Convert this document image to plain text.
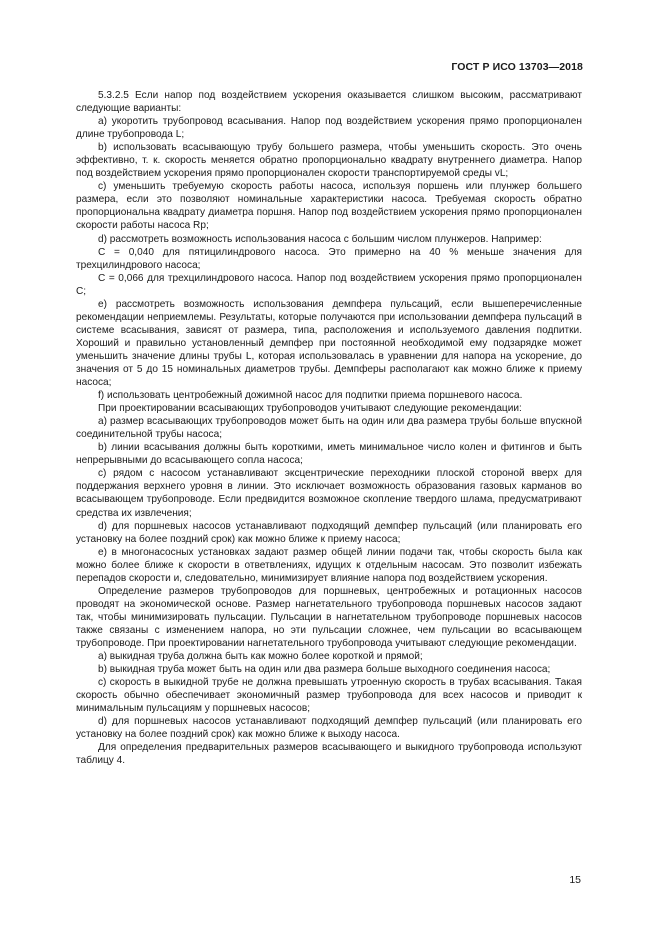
ГОСТ Р ИСО 13703—2018

5.3.2.5 Если напор под воздействием ускорения оказывается слишком высоким, рассматривают следующие варианты:

a) укоротить трубопровод всасывания. Напор под воздействием ускорения прямо пропорционален длине трубопровода L;

b) использовать всасывающую трубу большего размера, чтобы уменьшить скорость. Это очень эффективно, т. к. скорость меняется обратно пропорционально квадрату внутреннего диаметра. Напор под воздействием ускорения прямо пропорционален скорости транспортируемой среды vL;

c) уменьшить требуемую скорость работы насоса, используя поршень или плунжер большего размера, если это позволяют номинальные характеристики насоса. Требуемая скорость обратно пропорциональна квадрату диаметра поршня. Напор под воздействием ускорения прямо пропорционален скорости работы насоса Rp;

d) рассмотреть возможность использования насоса с большим числом плунжеров. Например:

C = 0,040 для пятицилиндрового насоса. Это примерно на 40 % меньше значения для трехцилиндрового насоса;

C = 0,066 для трехцилиндрового насоса. Напор под воздействием ускорения прямо пропорционален C;

e) рассмотреть возможность использования демпфера пульсаций, если вышеперечисленные рекомендации неприемлемы. Результаты, которые получаются при использовании демпфера пульсаций в системе всасывания, зависят от размера, типа, расположения и используемого давления подпитки. Хороший и правильно установленный демпфер при постоянной необходимой ему подзарядке может уменьшить значение длины трубы L, которая использовалась в уравнении для напора на ускорение, до значения от 5 до 15 номинальных диаметров трубы. Демпферы располагают как можно ближе к приему насоса;

f) использовать центробежный дожимной насос для подпитки приема поршневого насоса.

При проектировании всасывающих трубопроводов учитывают следующие рекомендации:

a) размер всасывающих трубопроводов может быть на один или два размера трубы больше впускной соединительной трубы насоса;

b) линии всасывания должны быть короткими, иметь минимальное число колен и фитингов и быть непрерывными до всасывающего сопла насоса;

c) рядом с насосом устанавливают эксцентрические переходники плоской стороной вверх для поддержания верхнего уровня в линии. Это исключает возможность образования газовых карманов во всасывающем трубопроводе. Если предвидится возможное скопление твердого шлама, предусматривают средства их извлечения;

d) для поршневых насосов устанавливают подходящий демпфер пульсаций (или планировать его установку на более поздний срок) как можно ближе к приему насоса;

e) в многонасосных установках задают размер общей линии подачи так, чтобы скорость была как можно более ближе к скорости в ответвлениях, идущих к отдельным насосам. Это позволит избежать перепадов скорости и, следовательно, минимизирует влияние напора под воздействием ускорения.

Определение размеров трубопроводов для поршневых, центробежных и ротационных насосов проводят на экономической основе. Размер нагнетательного трубопровода поршневых насосов задают так, чтобы минимизировать пульсации. Пульсации в нагнетательном трубопроводе поршневых насосов также связаны с изменением напора, но эти пульсации сложнее, чем пульсации во всасывающем трубопроводе. При проектировании нагнетательного трубопровода учитывают следующие рекомендации.

a) выкидная труба должна быть как можно более короткой и прямой;

b) выкидная труба может быть на один или два размера больше выходного соединения насоса;

c) скорость в выкидной трубе не должна превышать утроенную скорость в трубах всасывания. Такая скорость обычно обеспечивает экономичный размер трубопровода для всех насосов и приводит к минимальным пульсациям у поршневых насосов;

d) для поршневых насосов устанавливают подходящий демпфер пульсаций (или планировать его установку на более поздний срок) как можно ближе к выходу насоса.

Для определения предварительных размеров всасывающего и выкидного трубопровода используют таблицу 4.

15
